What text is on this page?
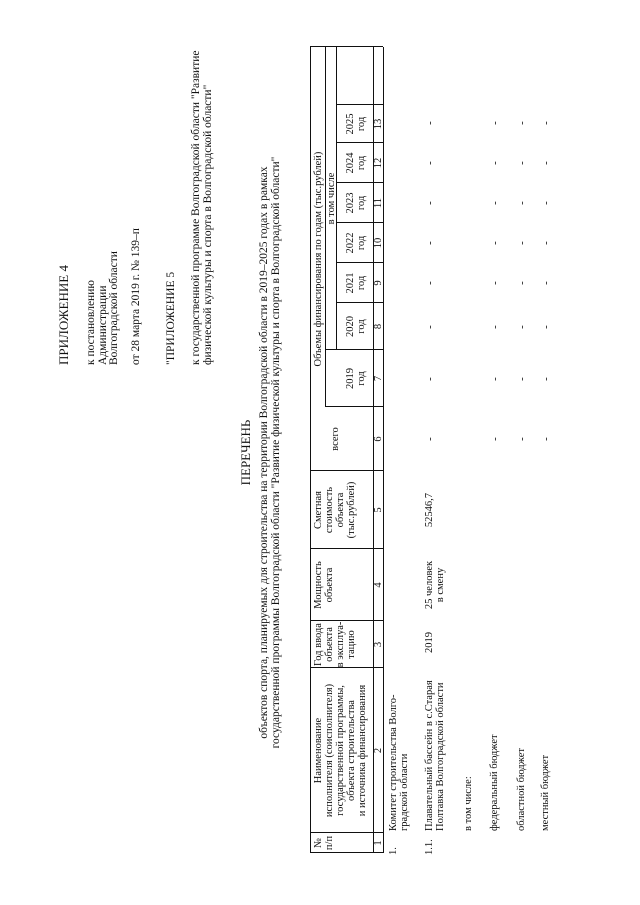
ПРИЛОЖЕНИЕ 4 к постановлению Администрации Волгоградской области от 28 марта 2019 г. № 139–п "ПРИЛОЖЕНИЕ 5 к государственной программе Волгоградской области "Развитие физической культуры и спорта в Волгоградской области"
ПЕРЕЧЕНЬ объектов спорта, планируемых для строительства на территории Волгоградской области в 2019–2025 годах в рамках государственной программы Волгоградской области "Развитие физической культуры и спорта в Волгоградской области"
№ п/п
Наименование исполнителя (соисполнителя) государственной программы, объекта строительства и источника финансирования
Год ввода объекта в эксплуа- тацию
Мощность объекта
Сметная стоимость объекта (тыс.рублей)
Объемы финансирования по годам (тыс.рублей)
всего
в том числе
2019 год
2020 год
2021 год
2022 год
2023 год
2024 год
2025 год
1
2
3
4
5
6
7
8
9
10
11
12
13
1.
Комитет строительства Волго- градской области
1.1.
Плавательный бассейн в с.Старая Полтавка Волгоградской области
2019
25 человек в смену
52546,7
-
-
-
-
-
-
-
-
в том числе: федеральный бюджет
-
-
-
-
-
-
-
-
областной бюджет
-
-
-
-
-
-
-
-
местный бюджет
-
-
-
-
-
-
-
-
